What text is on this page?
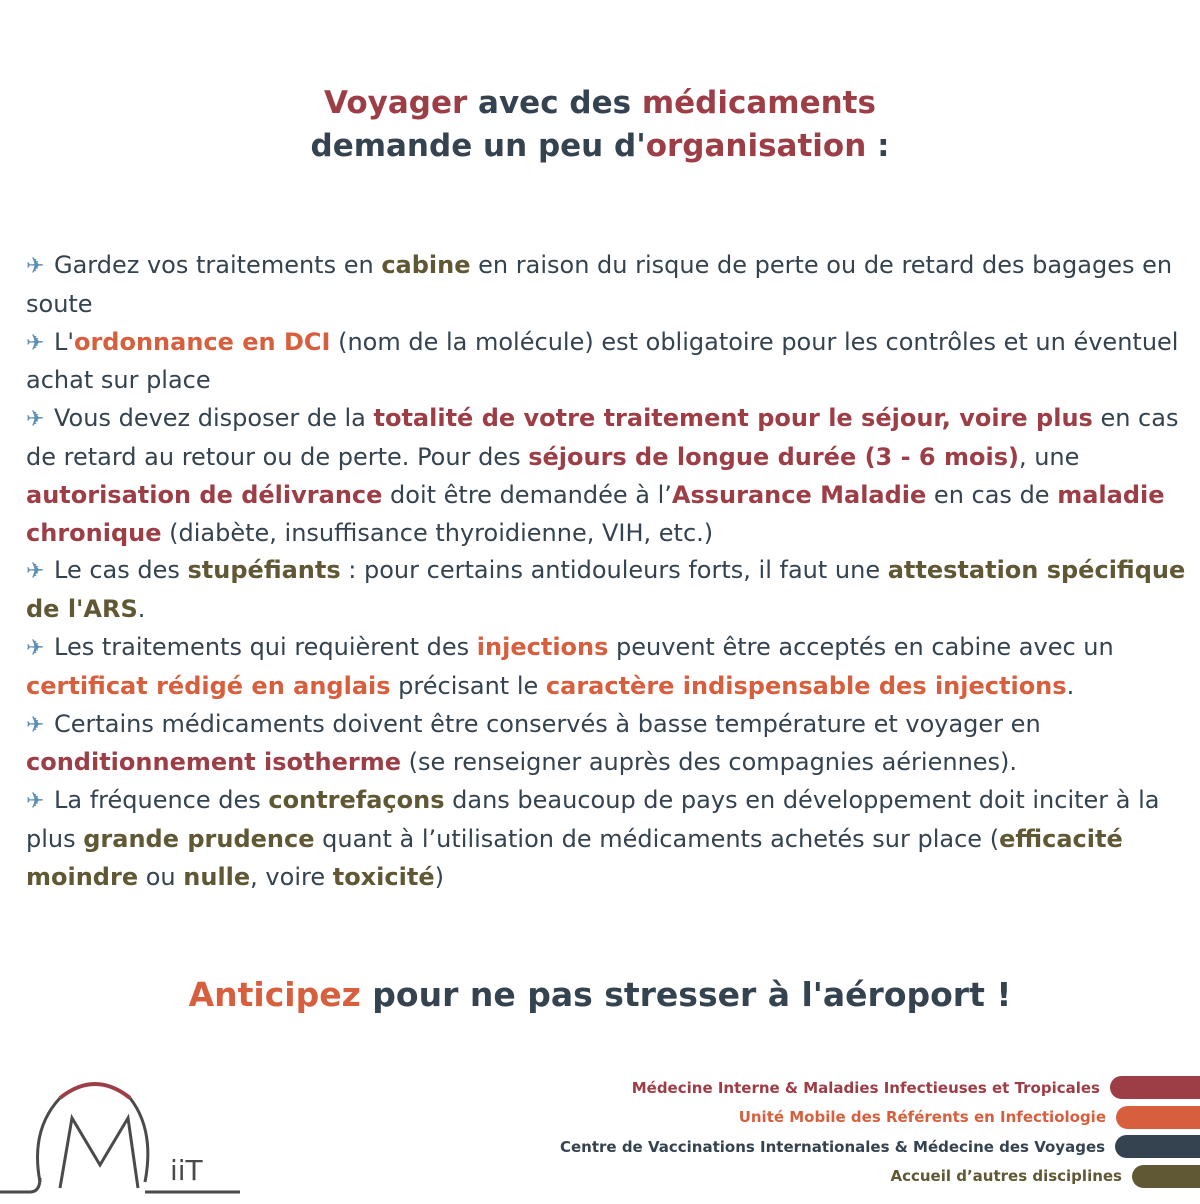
Voyager avec des médicaments
demande un peu d'organisation :
✈ Gardez vos traitements en cabine en raison du risque de perte ou de retard des bagages en soute
✈ L'ordonnance en DCI (nom de la molécule) est obligatoire pour les contrôles et un éventuel achat sur place
✈ Vous devez disposer de la totalité de votre traitement pour le séjour, voire plus en cas de retard au retour ou de perte. Pour des séjours de longue durée (3 - 6 mois), une autorisation de délivrance doit être demandée à l’Assurance Maladie en cas de maladie chronique (diabète, insuffisance thyroidienne, VIH, etc.)
✈ Le cas des stupéfiants : pour certains antidouleurs forts, il faut une attestation spécifique de l'ARS.
✈ Les traitements qui requièrent des injections peuvent être acceptés en cabine avec un certificat rédigé en anglais précisant le caractère indispensable des injections.
✈ Certains médicaments doivent être conservés à basse température et voyager en conditionnement isotherme (se renseigner auprès des compagnies aériennes).
✈ La fréquence des contrefaçons dans beaucoup de pays en développement doit inciter à la plus grande prudence quant à l’utilisation de médicaments achetés sur place (efficacité moindre ou nulle, voire toxicité)
Anticipez pour ne pas stresser à l'aéroport !
iiT
Médecine Interne & Maladies Infectieuses et Tropicales
Unité Mobile des Référents en Infectiologie
Centre de Vaccinations Internationales & Médecine des Voyages
Accueil d’autres disciplines
